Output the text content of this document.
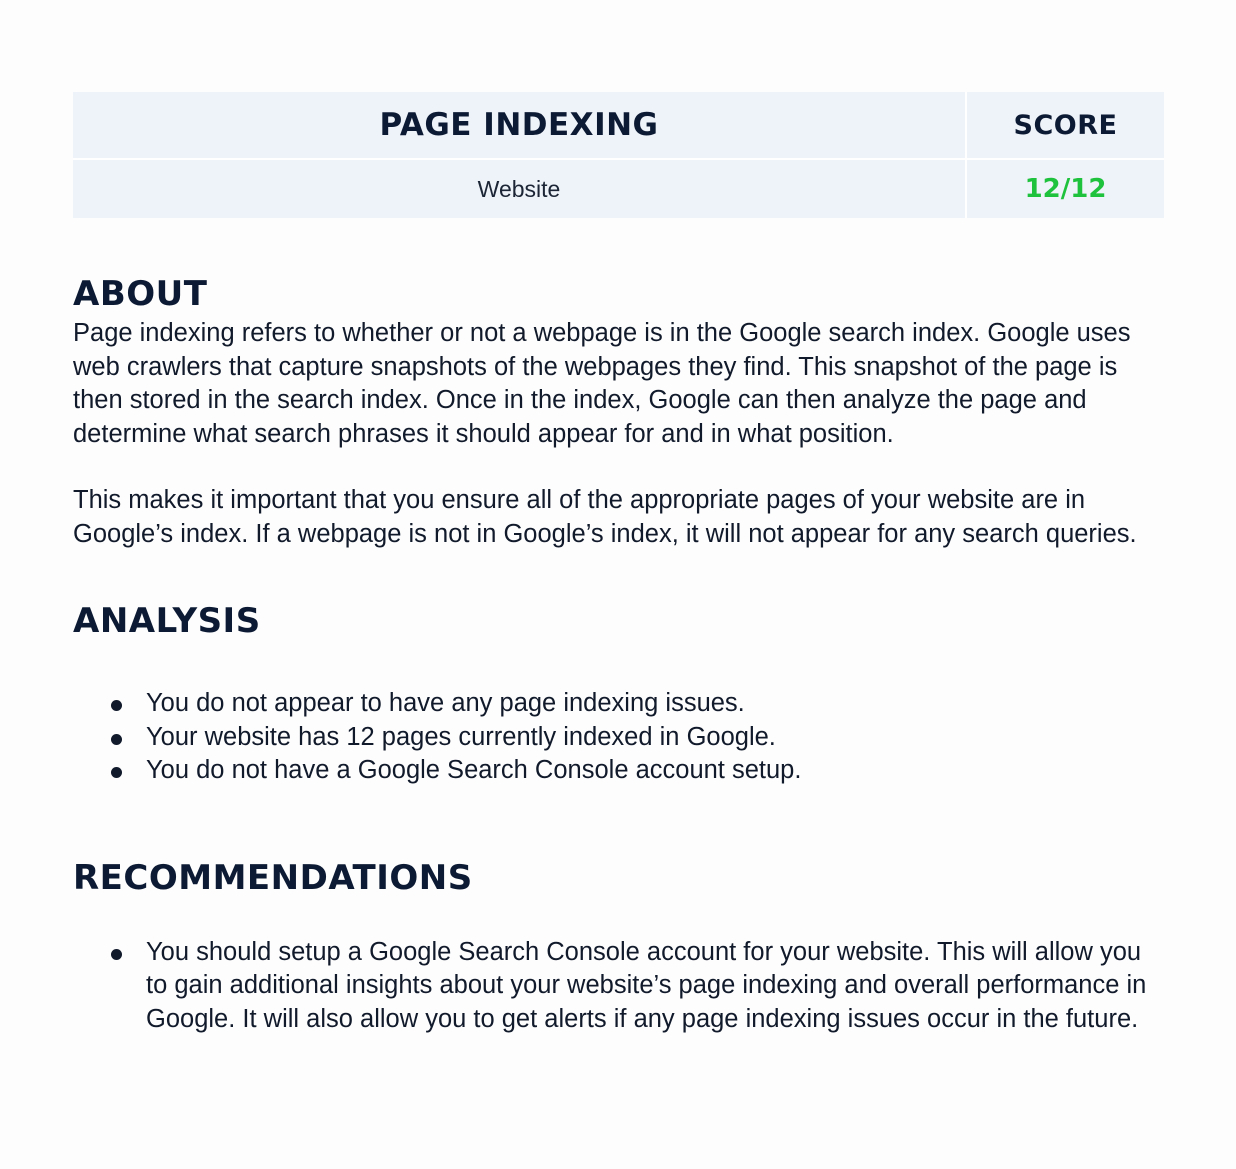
PAGE INDEXING	SCORE
Website	12/12
ABOUT

Page indexing refers to whether or not a webpage is in the Google search index. Google uses web crawlers that capture snapshots of the webpages they find. This snapshot of the page is then stored in the search index. Once in the index, Google can then analyze the page and determine what search phrases it should appear for and in what position.

This makes it important that you ensure all of the appropriate pages of your website are in Google’s index. If a webpage is not in Google’s index, it will not appear for any search queries.

ANALYSIS
You do not appear to have any page indexing issues.
Your website has 12 pages currently indexed in Google.
You do not have a Google Search Console account setup.
RECOMMENDATIONS
You should setup a Google Search Console account for your website. This will allow you to gain additional insights about your website’s page indexing and overall performance in Google. It will also allow you to get alerts if any page indexing issues occur in the future.
